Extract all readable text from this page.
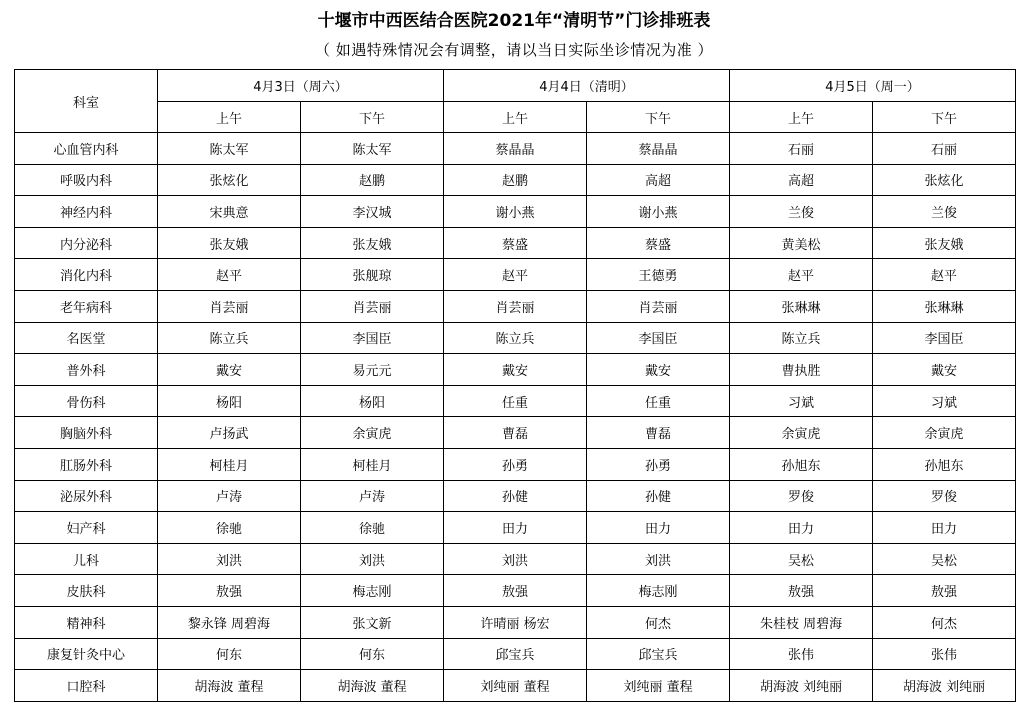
十堰市中西医结合医院2021年“清明节”门诊排班表
（ 如遇特殊情况会有调整，请以当日实际坐诊情况为准 ）
科室	4月3日（周六）		4月4日（清明）		4月5日（周一）	
	上午	下午	上午	下午	上午	下午
心血管内科	陈太军	陈太军	蔡晶晶	蔡晶晶	石丽	石丽
呼吸内科	张炫化	赵鹏	赵鹏	高超	高超	张炫化
神经内科	宋典意	李汉城	谢小燕	谢小燕	兰俊	兰俊
内分泌科	张友娥	张友娥	蔡盛	蔡盛	黄美松	张友娥
消化内科	赵平	张舰琼	赵平	王德勇	赵平	赵平
老年病科	肖芸丽	肖芸丽	肖芸丽	肖芸丽	张琳琳	张琳琳
名医堂	陈立兵	李国臣	陈立兵	李国臣	陈立兵	李国臣
普外科	戴安	易元元	戴安	戴安	曹执胜	戴安
骨伤科	杨阳	杨阳	任重	任重	习斌	习斌
胸脑外科	卢扬武	余寅虎	曹磊	曹磊	余寅虎	余寅虎
肛肠外科	柯桂月	柯桂月	孙勇	孙勇	孙旭东	孙旭东
泌尿外科	卢涛	卢涛	孙健	孙健	罗俊	罗俊
妇产科	徐驰	徐驰	田力	田力	田力	田力
儿科	刘洪	刘洪	刘洪	刘洪	吴松	吴松
皮肤科	敖强	梅志刚	敖强	梅志刚	敖强	敖强
精神科	黎永锋 周碧海	张文新	许晴丽 杨宏	何杰	朱桂枝 周碧海	何杰
康复针灸中心	何东	何东	邱宝兵	邱宝兵	张伟	张伟
口腔科	胡海波 董程	胡海波 董程	刘纯丽 董程	刘纯丽 董程	胡海波 刘纯丽	胡海波 刘纯丽
